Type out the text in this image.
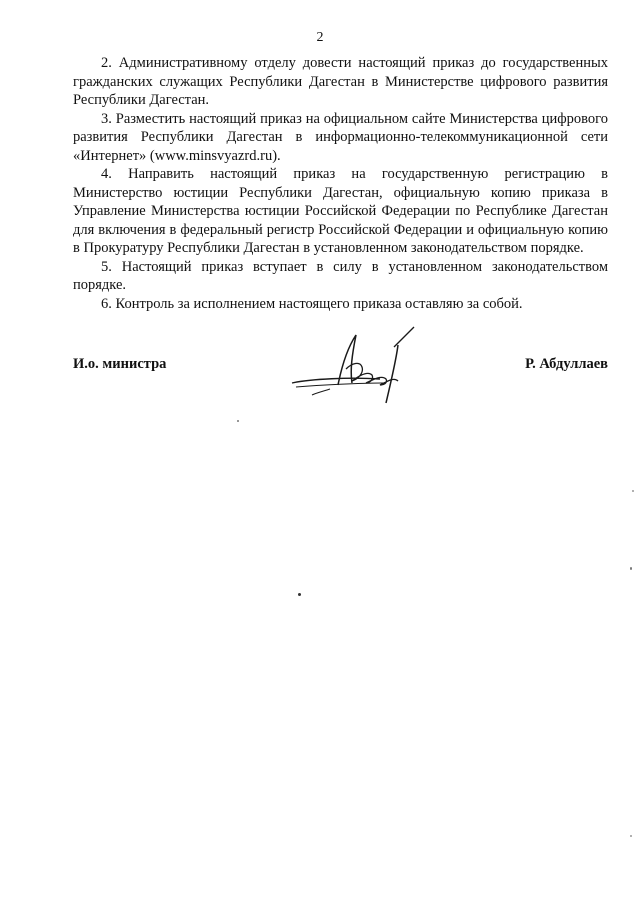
2

2. Административному отделу довести настоящий приказ до государственных гражданских служащих Республики Дагестан в Министерстве цифрового развития Республики Дагестан.

3. Разместить настоящий приказ на официальном сайте Министерства цифрового развития Республики Дагестан в информационно-телекоммуникационной сети «Интернет» (www.minsvyazrd.ru).

4. Направить настоящий приказ на государственную регистрацию в Министерство юстиции Республики Дагестан, официальную копию приказа в Управление Министерства юстиции Российской Федерации по Республике Дагестан для включения в федеральный регистр Российской Федерации и официальную копию в Прокуратуру Республики Дагестан в установленном законодательством порядке.

5. Настоящий приказ вступает в силу в установленном законодательством порядке.

6. Контроль за исполнением настоящего приказа оставляю за собой.

И.о. министра	Р. Абдуллаев
